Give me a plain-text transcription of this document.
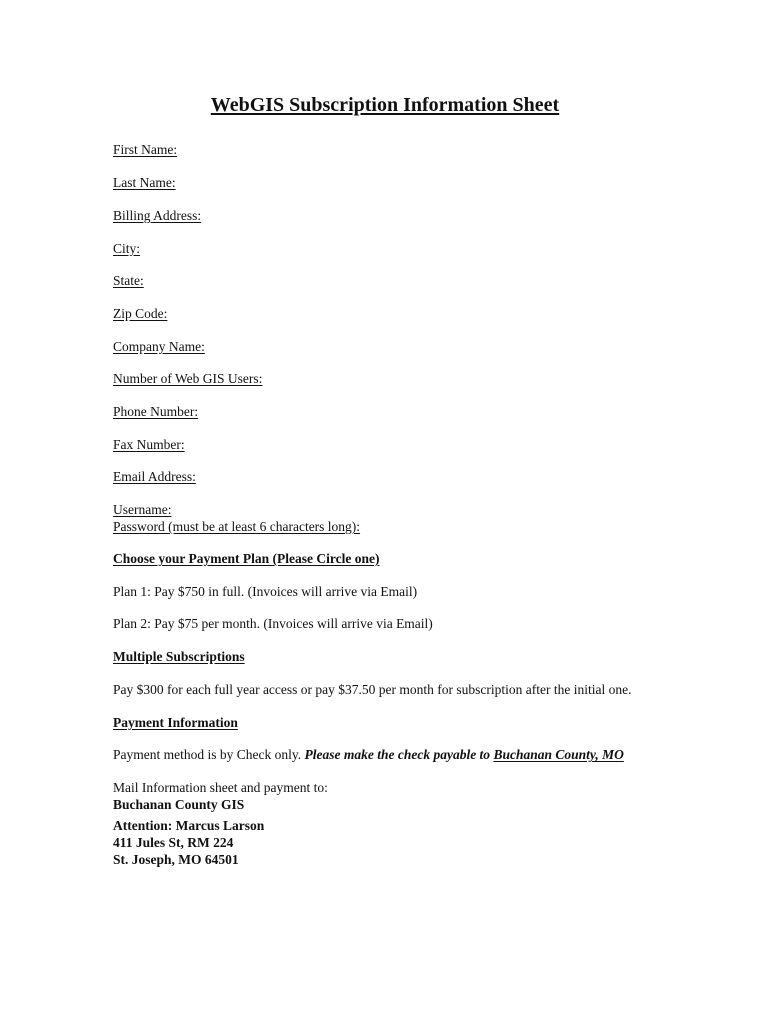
WebGIS Subscription Information Sheet

First Name:

Last Name:

Billing Address:

City:

State:

Zip Code:

Company Name:

Number of Web GIS Users:

Phone Number:

Fax Number:

Email Address:

Username:

Password (must be at least 6 characters long):

Choose your Payment Plan (Please Circle one)

Plan 1: Pay $750 in full. (Invoices will arrive via Email)

Plan 2: Pay $75 per month. (Invoices will arrive via Email)

Multiple Subscriptions

Pay $300 for each full year access or pay $37.50 per month for subscription after the initial one.

Payment Information

Payment method is by Check only. Please make the check payable to Buchanan County, MO

Mail Information sheet and payment to:

Buchanan County GIS

Attention: Marcus Larson

411 Jules St, RM 224

St. Joseph, MO 64501
